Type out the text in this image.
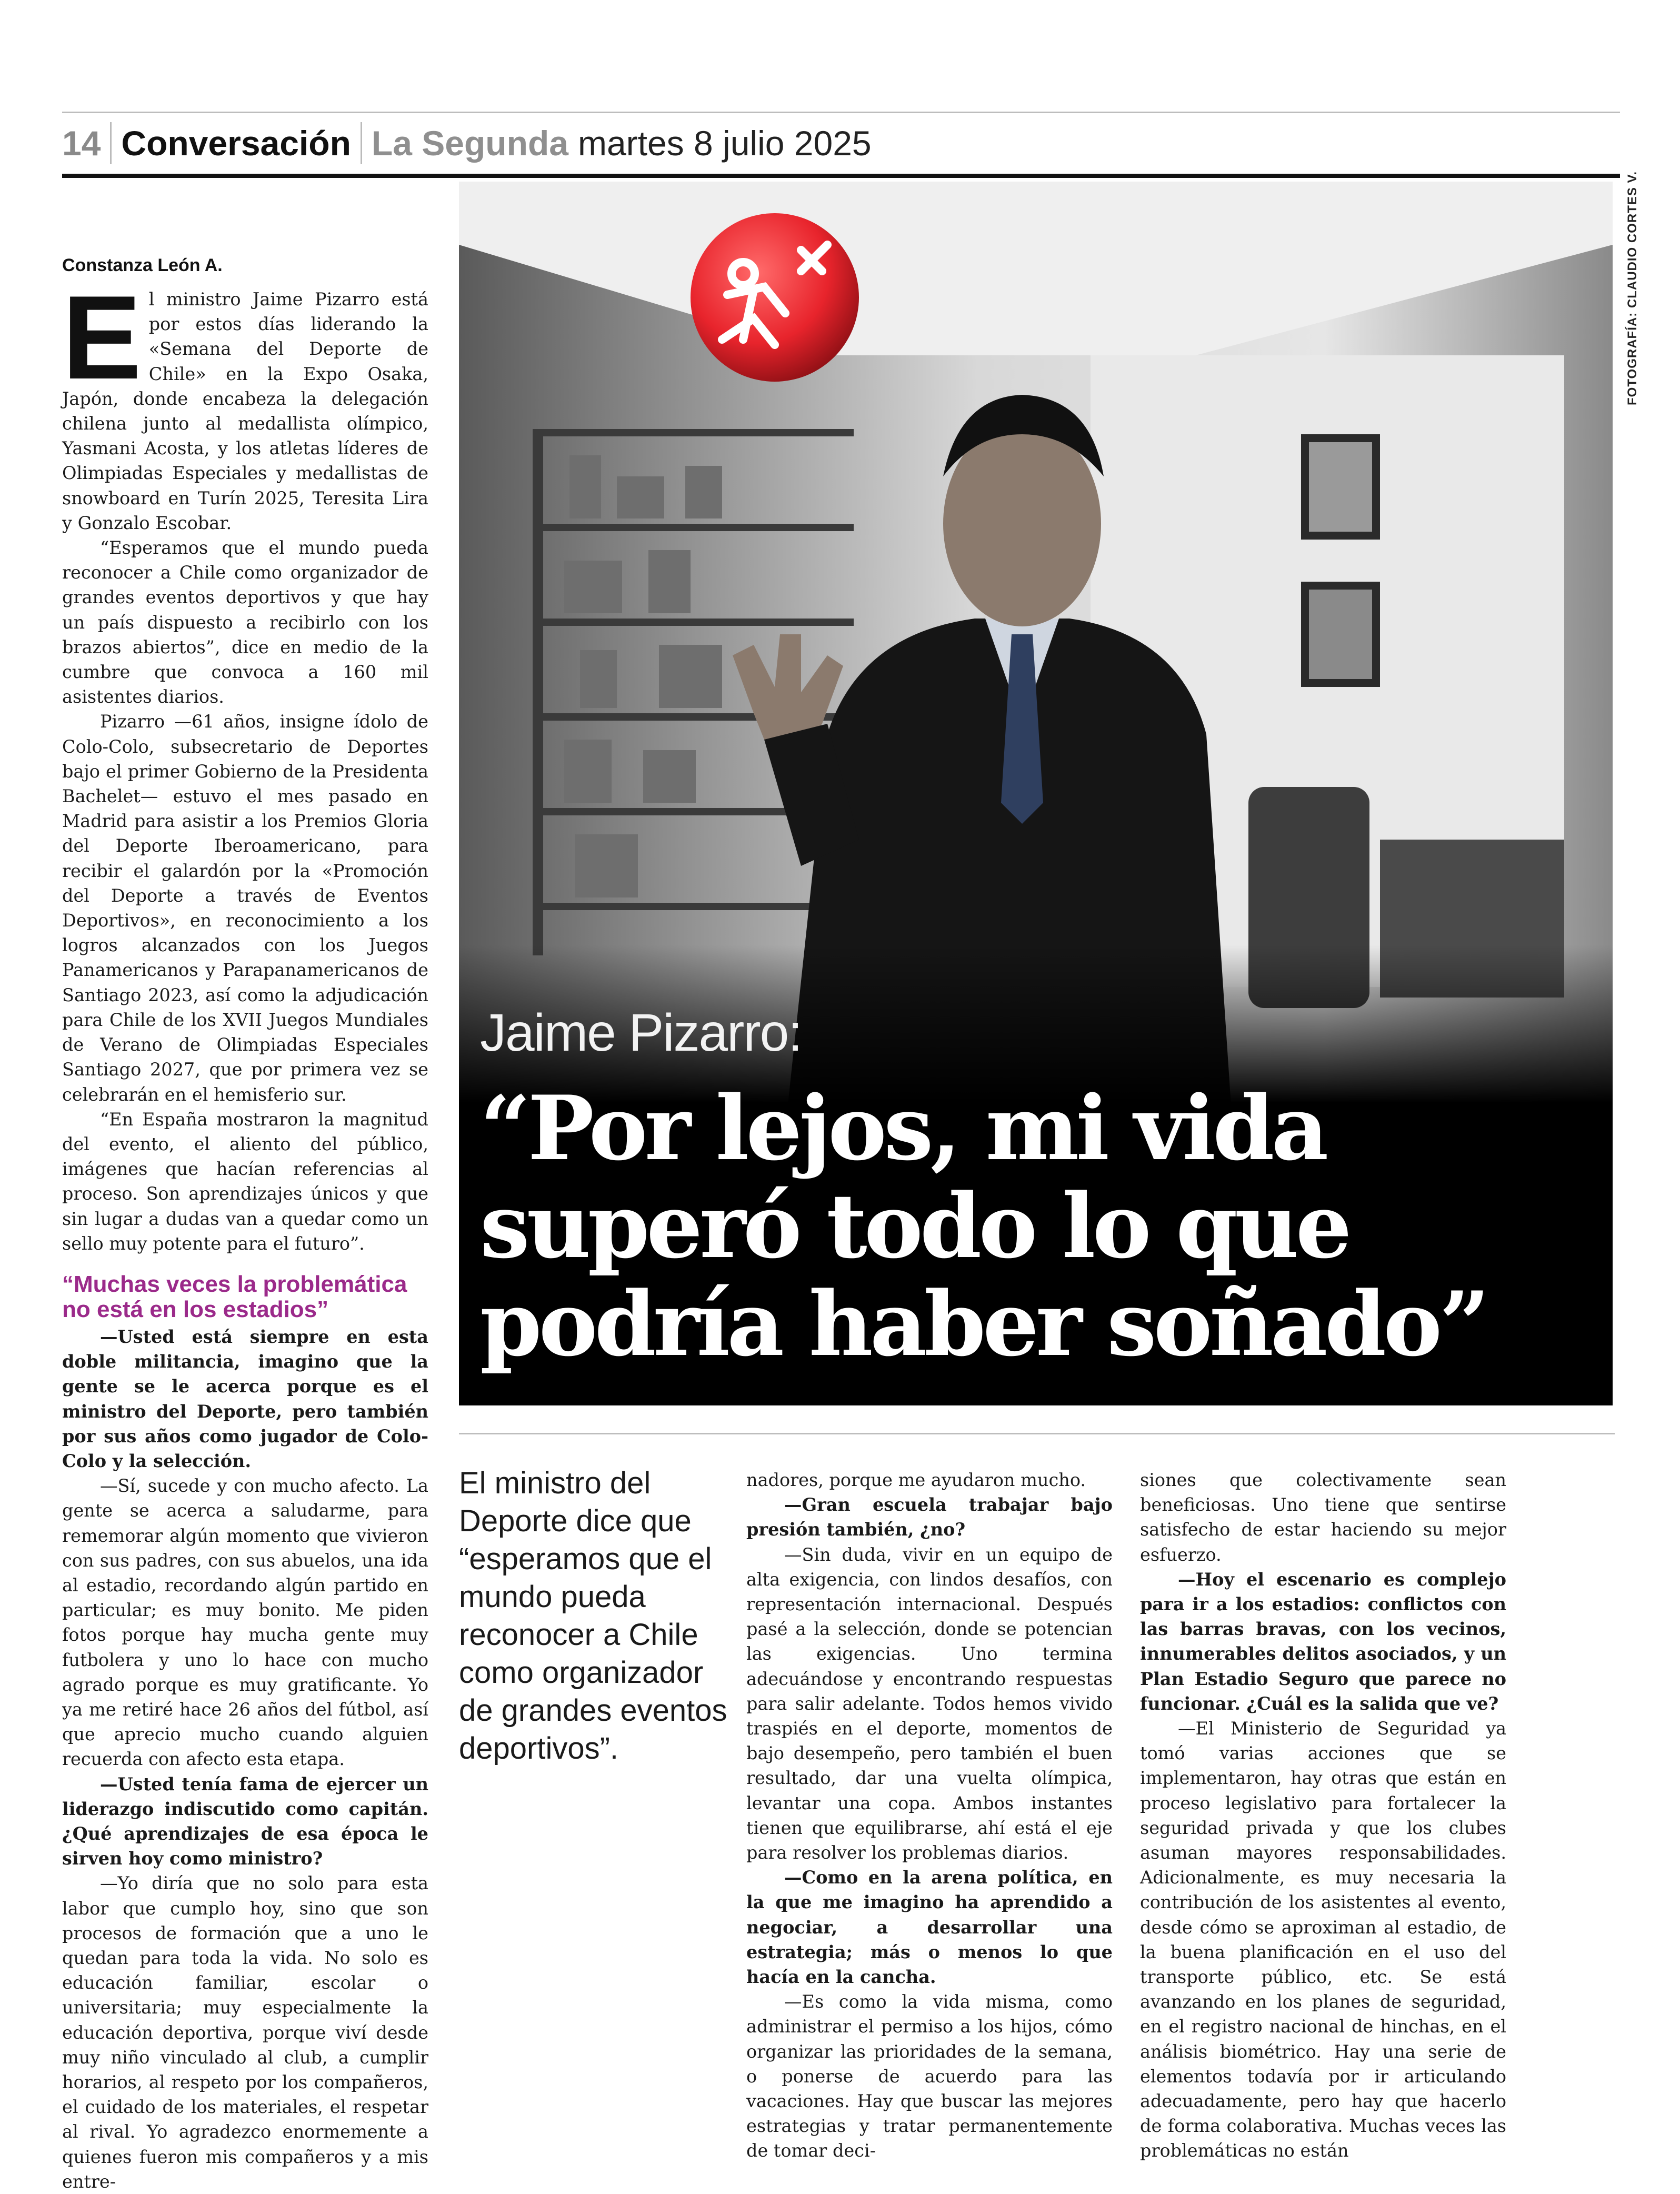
14 Conversación La Segunda martes 8 julio 2025
FOTOGRAFÍA: CLAUDIO CORTES V.
Jaime Pizarro:
“Por lejos, mi vida superó todo lo que podría haber soñado”
Constanza León A.

El ministro Jaime Pizarro está por estos días liderando la «Semana del Deporte de Chile» en la Expo Osaka, Japón, donde encabeza la delegación chilena junto al medallista olímpico, Yasmani Acosta, y los atletas líderes de Olimpiadas Especiales y medallistas de snowboard en Turín 2025, Teresita Lira y Gonzalo Escobar.

“Esperamos que el mundo pueda reconocer a Chile como organizador de grandes eventos deportivos y que hay un país dispuesto a recibirlo con los brazos abiertos”, dice en medio de la cumbre que convoca a 160 mil asistentes diarios.

Pizarro —61 años, insigne ídolo de Colo-Colo, subsecretario de Deportes bajo el primer Gobierno de la Presidenta Bachelet— estuvo el mes pasado en Madrid para asistir a los Premios Gloria del Deporte Iberoamericano, para recibir el galardón por la «Promoción del Deporte a través de Eventos Deportivos», en reconocimiento a los logros alcanzados con los Juegos Panamericanos y Parapanamericanos de Santiago 2023, así como la adjudicación para Chile de los XVII Juegos Mundiales de Verano de Olimpiadas Especiales Santiago 2027, que por primera vez se celebrarán en el hemisferio sur.

“En España mostraron la magnitud del evento, el aliento del público, imágenes que hacían referencias al proceso. Son aprendizajes únicos y que sin lugar a dudas van a quedar como un sello muy potente para el futuro”.

“Muchas veces la problemática no está en los estadios”

—Usted está siempre en esta doble militancia, imagino que la gente se le acerca porque es el ministro del Deporte, pero también por sus años como jugador de Colo-Colo y la selección.

—Sí, sucede y con mucho afecto. La gente se acerca a saludarme, para rememorar algún momento que vivieron con sus padres, con sus abuelos, una ida al estadio, recordando algún partido en particular; es muy bonito. Me piden fotos porque hay mucha gente muy futbolera y uno lo hace con mucho agrado porque es muy gratificante. Yo ya me retiré hace 26 años del fútbol, así que aprecio mucho cuando alguien recuerda con afecto esta etapa.

—Usted tenía fama de ejercer un liderazgo indiscutido como capitán. ¿Qué aprendizajes de esa época le sirven hoy como ministro?

—Yo diría que no solo para esta labor que cumplo hoy, sino que son procesos de formación que a uno le quedan para toda la vida. No solo es educación familiar, escolar o universitaria; muy especialmente la educación deportiva, porque viví desde muy niño vinculado al club, a cumplir horarios, al respeto por los compañeros, el cuidado de los materiales, el respetar al rival. Yo agradezco enormemente a quienes fueron mis compañeros y a mis entre-

El ministro del Deporte dice que “esperamos que el mundo pueda reconocer a Chile como organizador de grandes eventos deportivos”.

nadores, porque me ayudaron mucho.

—Gran escuela trabajar bajo presión también, ¿no?

—Sin duda, vivir en un equipo de alta exigencia, con lindos desafíos, con representación internacional. Después pasé a la selección, donde se potencian las exigencias. Uno termina adecuándose y encontrando respuestas para salir adelante. Todos hemos vivido traspiés en el deporte, momentos de bajo desempeño, pero también el buen resultado, dar una vuelta olímpica, levantar una copa. Ambos instantes tienen que equilibrarse, ahí está el eje para resolver los problemas diarios.

—Como en la arena política, en la que me imagino ha aprendido a negociar, a desarrollar una estrategia; más o menos lo que hacía en la cancha.

—Es como la vida misma, como administrar el permiso a los hijos, cómo organizar las prioridades de la semana, o ponerse de acuerdo para las vacaciones. Hay que buscar las mejores estrategias y tratar permanentemente de tomar deci-

siones que colectivamente sean beneficiosas. Uno tiene que sentirse satisfecho de estar haciendo su mejor esfuerzo.

—Hoy el escenario es complejo para ir a los estadios: conflictos con las barras bravas, con los vecinos, innumerables delitos asociados, y un Plan Estadio Seguro que parece no funcionar. ¿Cuál es la salida que ve?

—El Ministerio de Seguridad ya tomó varias acciones que se implementaron, hay otras que están en proceso legislativo para fortalecer la seguridad privada y que los clubes asuman mayores responsabilidades. Adicionalmente, es muy necesaria la contribución de los asistentes al evento, desde cómo se aproximan al estadio, de la buena planificación en el uso del transporte público, etc. Se está avanzando en los planes de seguridad, en el registro nacional de hinchas, en el análisis biométrico. Hay una serie de elementos todavía por ir articulando adecuadamente, pero hay que hacerlo de forma colaborativa. Muchas veces las problemáticas no están
